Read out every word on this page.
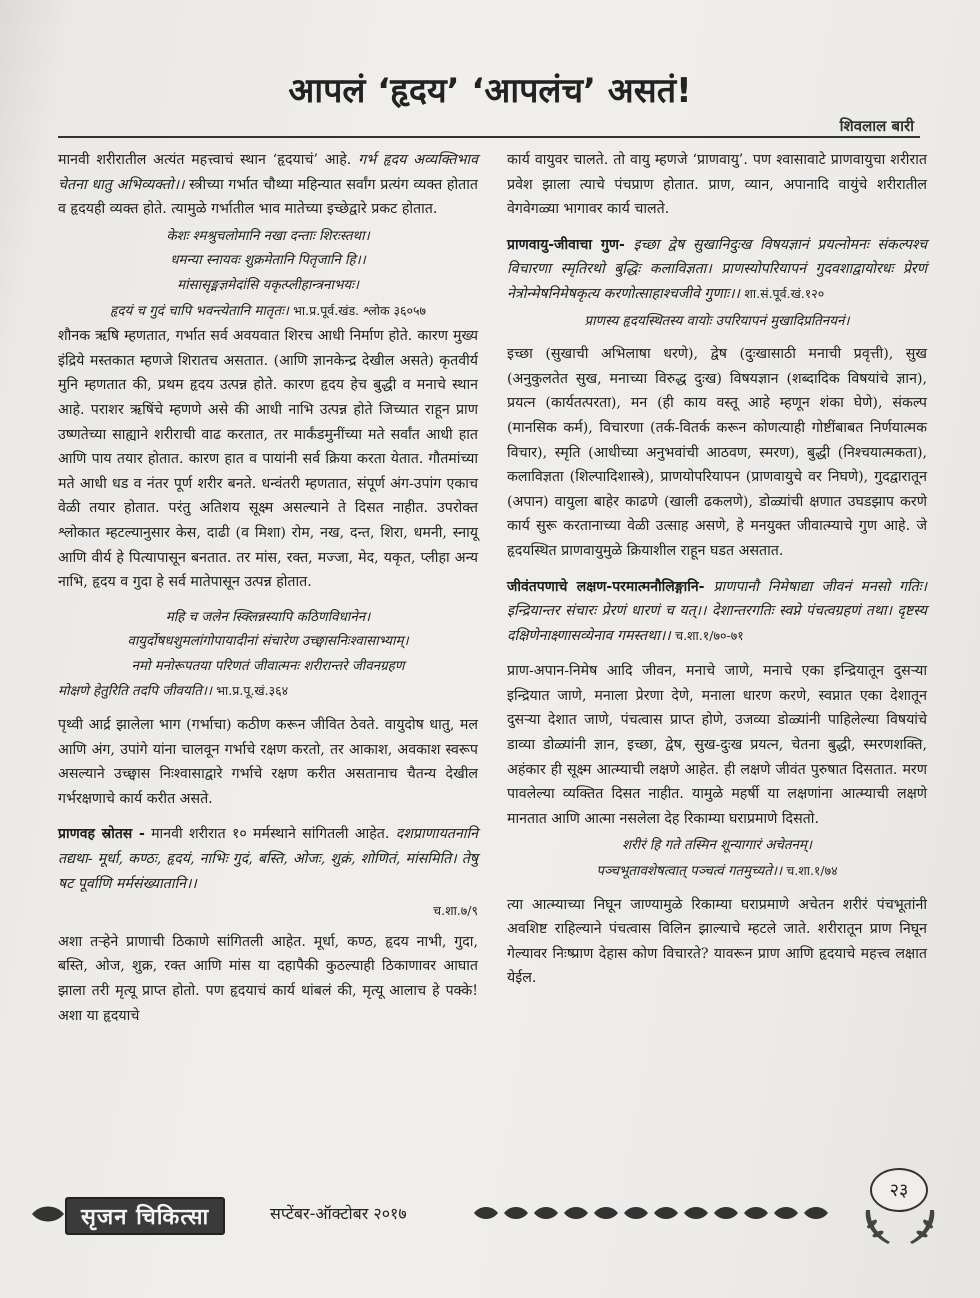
आपलं ‘हृदय’ ‘आपलंच’ असतं!
शिवलाल बारी

मानवी शरीरातील अत्यंत महत्त्वाचं स्थान ‘हृदयाचं’ आहे. गर्भ हृदय अव्यक्तिभाव चेतना धातु अभिव्यक्तो।। स्त्रीच्या गर्भात चौथ्या महिन्यात सर्वांग प्रत्यंग व्यक्त होतात व हृदयही व्यक्त होते. त्यामुळे गर्भातील भाव मातेच्या इच्छेद्वारे प्रकट होतात.

केशः श्मश्रुचलोमानि नखा दन्ताः शिरःस्तथा।

धमन्या स्नायवः शुक्रमेतानि पितृजानि हि।।

मांसासृङ्मज्ञमेदांसि यकृत्प्लीहान्त्रनाभयः।

हृदयं च गुदं चापि भवन्त्येतानि मातृतः। भा.प्र.पूर्व.खंड. श्लोक ३६०५७

शौनक ऋषि म्हणतात, गर्भात सर्व अवयवात शिरच आधी निर्माण होते. कारण मुख्य इंद्रिये मस्तकात म्हणजे शिरातच असतात. (आणि ज्ञानकेन्द्र देखील असते) कृतवीर्य मुनि म्हणतात की, प्रथम हृदय उत्पन्न होते. कारण हृदय हेच बुद्धी व मनाचे स्थान आहे. पराशर ऋषिंचे म्हणणे असे की आधी नाभि उत्पन्न होते जिच्यात राहून प्राण उष्णतेच्या साह्याने शरीराची वाढ करतात, तर मार्कंडमुनींच्या मते सर्वांत आधी हात आणि पाय तयार होतात. कारण हात व पायांनी सर्व क्रिया करता येतात. गौतमांच्या मते आधी धड व नंतर पूर्ण शरीर बनते. धन्वंतरी म्हणतात, संपूर्ण अंग-उपांग एकाच वेळी तयार होतात. परंतु अतिशय सूक्ष्म असल्याने ते दिसत नाहीत. उपरोक्त श्लोकात म्हटल्यानुसार केस, दाढी (व मिशा) रोम, नख, दन्त, शिरा, धमनी, स्नायू आणि वीर्य हे पित्यापासून बनतात. तर मांस, रक्त, मज्जा, मेद, यकृत, प्लीहा अन्य नाभि, हृदय व गुदा हे सर्व मातेपासून उत्पन्न होतात.

महि च जलेन स्क्लिन्नस्यापि कठिणविधानेन।

वायुर्दोषधशुमलांगोपायादीनां संचारेण उच्छ्वासनिःश्वासाभ्याम्।

नमो मनोरूपतया परिणतं जीवात्मनः शरीरान्तरे जीवनग्रहण

मोक्षणे हेतुरिति तदपि जीवयति।। भा.प्र.पू.खं.३६४

पृथ्वी आर्द्र झालेला भाग (गर्भाचा) कठीण करून जीवित ठेवते. वायुदोष धातु, मल आणि अंग, उपांगे यांना चालवून गर्भाचे रक्षण करतो, तर आकाश, अवकाश स्वरूप असल्याने उच्छ्वास निःश्वासाद्वारे गर्भाचे रक्षण करीत असतानाच चैतन्य देखील गर्भरक्षणाचे कार्य करीत असते.

प्राणवह स्रोतस - मानवी शरीरात १० मर्मस्थाने सांगितली आहेत. दशप्राणायतनानि तद्यथा- मूर्धा, कण्ठः, हृदयं, नाभिः गुदं, बस्ति, ओजः, शुक्रं, शोणितं, मांसमिति। तेषु षट पूर्वाणि मर्मसंख्यातानि।।

च.शा.७/९

अशा तऱ्हेने प्राणाची ठिकाणे सांगितली आहेत. मूर्धा, कण्ठ, हृदय नाभी, गुदा, बस्ति, ओज, शुक्र, रक्त आणि मांस या दहापैकी कुठल्याही ठिकाणावर आघात झाला तरी मृत्यू प्राप्त होतो. पण हृदयाचं कार्य थांबलं की, मृत्यू आलाच हे पक्के! अशा या हृदयाचे

कार्य वायुवर चालते. तो वायु म्हणजे ‘प्राणवायु’. पण श्वासावाटे प्राणवायुचा शरीरात प्रवेश झाला त्याचे पंचप्राण होतात. प्राण, व्यान, अपानादि वायुंचे शरीरातील वेगवेगळ्या भागावर कार्य चालते.

प्राणवायु-जीवाचा गुण- इच्छा द्वेष सुखानिदुःख विषयज्ञानं प्रयत्नोमनः संकल्पश्च विचारणा स्मृतिरथो बुद्धिः कलाविज्ञता। प्राणस्योपरियापनं गुदवशाद्वायोरधः प्रेरणं नेत्रोन्मेषनिमेषकृत्य करणोत्साहाश्चजीवे गुणाः।। शा.सं.पूर्व.खं.१२०

प्राणस्य हृदयस्थितस्य वायोः उपरियापनं मुखादिप्रतिनयनं।

इच्छा (सुखाची अभिलाषा धरणे), द्वेष (दुःखासाठी मनाची प्रवृत्ती), सुख (अनुकुलतेत सुख, मनाच्या विरुद्ध दुःख) विषयज्ञान (शब्दादिक विषयांचे ज्ञान), प्रयत्न (कार्यतत्परता), मन (ही काय वस्तू आहे म्हणून शंका घेणे), संकल्प (मानसिक कर्म), विचारणा (तर्क-वितर्क करून कोणत्याही गोष्टींबाबत निर्णयात्मक विचार), स्मृति (आधीच्या अनुभवांची आठवण, स्मरण), बुद्धी (निश्चयात्मकता), कलाविज्ञता (शिल्पादिशास्त्रे), प्राणयोपरियापन (प्राणवायुचे वर निघणे), गुदद्वारातून (अपान) वायुला बाहेर काढणे (खाली ढकलणे), डोळ्यांची क्षणात उघडझाप करणे कार्य सुरू करतानाच्या वेळी उत्साह असणे, हे मनयुक्त जीवात्म्याचे गुण आहे. जे हृदयस्थित प्राणवायुमुळे क्रियाशील राहून घडत असतात.

जीवंतपणाचे लक्षण-परमात्मनौलिङ्गानि- प्राणपानौ निमेषाद्या जीवनं मनसो गतिः। इन्द्रियान्तर संचारः प्रेरणं धारणं च यत्।। देशान्तरगतिः स्वप्ने पंचत्वग्रहणं तथा। दृष्टस्य दक्षिणेनाक्ष्णासव्येनाव गमस्तथा।। च.शा.१/७०-७१

प्राण-अपान-निमेष आदि जीवन, मनाचे जाणे, मनाचे एका इन्द्रियातून दुसऱ्या इन्द्रियात जाणे, मनाला प्रेरणा देणे, मनाला धारण करणे, स्वप्नात एका देशातून दुसऱ्या देशात जाणे, पंचत्वास प्राप्त होणे, उजव्या डोळ्यांनी पाहिलेल्या विषयांचे डाव्या डोळ्यांनी ज्ञान, इच्छा, द्वेष, सुख-दुःख प्रयत्न, चेतना बुद्धी, स्मरणशक्ति, अहंकार ही सूक्ष्म आत्म्याची लक्षणे आहेत. ही लक्षणे जीवंत पुरुषात दिसतात. मरण पावलेल्या व्यक्तित दिसत नाहीत. यामुळे महर्षी या लक्षणांना आत्म्याची लक्षणे मानतात आणि आत्मा नसलेला देह रिकाम्या घराप्रमाणे दिसतो.

शरीरं हि गते तस्मिन शून्यागारं अचेतनम्।

पञ्चभूतावशेषत्वात् पञ्चत्वं गतमुच्यते।। च.शा.१/७४

त्या आत्म्याच्या निघून जाण्यामुळे रिकाम्या घराप्रमाणे अचेतन शरीरं पंचभूतांनी अवशिष्ट राहिल्याने पंचत्वास विलिन झाल्याचे म्हटले जाते. शरीरातून प्राण निघून गेल्यावर निःष्प्राण देहास कोण विचारते? यावरून प्राण आणि हृदयाचे महत्त्व लक्षात येईल.

सृजन चिकित्सा	सप्टेंबर-ऑक्टोबर २०१७
२३
